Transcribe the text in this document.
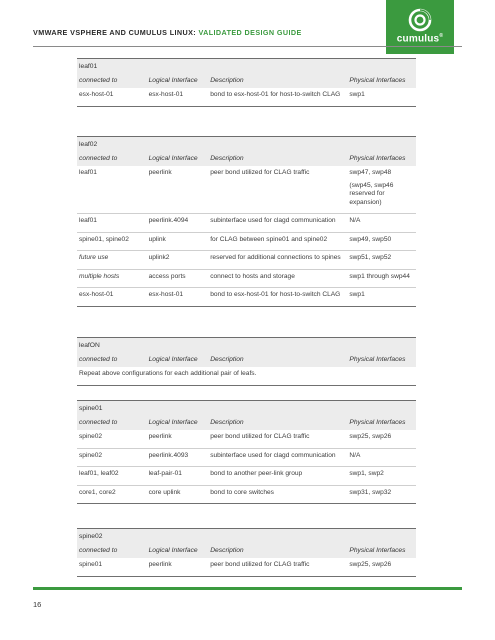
VMWARE VSPHERE AND CUMULUS LINUX: VALIDATED DESIGN GUIDE
cumulus®
leaf01
connected to	Logical Interface	Description	Physical Interfaces
esx-host-01	esx-host-01	bond to esx-host-01 for host-to-switch CLAG	swp1
leaf02
connected to	Logical Interface	Description	Physical Interfaces
leaf01	peerlink	peer bond utilized for CLAG traffic	swp47, swp48
(swp45, swp46 reserved for expansion)
leaf01	peerlink.4094	subinterface used for clagd communication	N/A
spine01, spine02	uplink	for CLAG between spine01 and spine02	swp49, swp50
future use	uplink2	reserved for additional connections to spines	swp51, swp52
multiple hosts	access ports	connect to hosts and storage	swp1 through swp44
esx-host-01	esx-host-01	bond to esx-host-01 for host-to-switch CLAG	swp1
leafON
connected to	Logical Interface	Description	Physical Interfaces
Repeat above configurations for each additional pair of leafs.
spine01
connected to	Logical Interface	Description	Physical Interfaces
spine02	peerlink	peer bond utilized for CLAG traffic	swp25, swp26
spine02	peerlink.4093	subinterface used for clagd communication	N/A
leaf01, leaf02	leaf-pair-01	bond to another peer-link group	swp1, swp2
core1, core2	core uplink	bond to core switches	swp31, swp32
spine02
connected to	Logical Interface	Description	Physical Interfaces
spine01	peerlink	peer bond utilized for CLAG traffic	swp25, swp26
16
